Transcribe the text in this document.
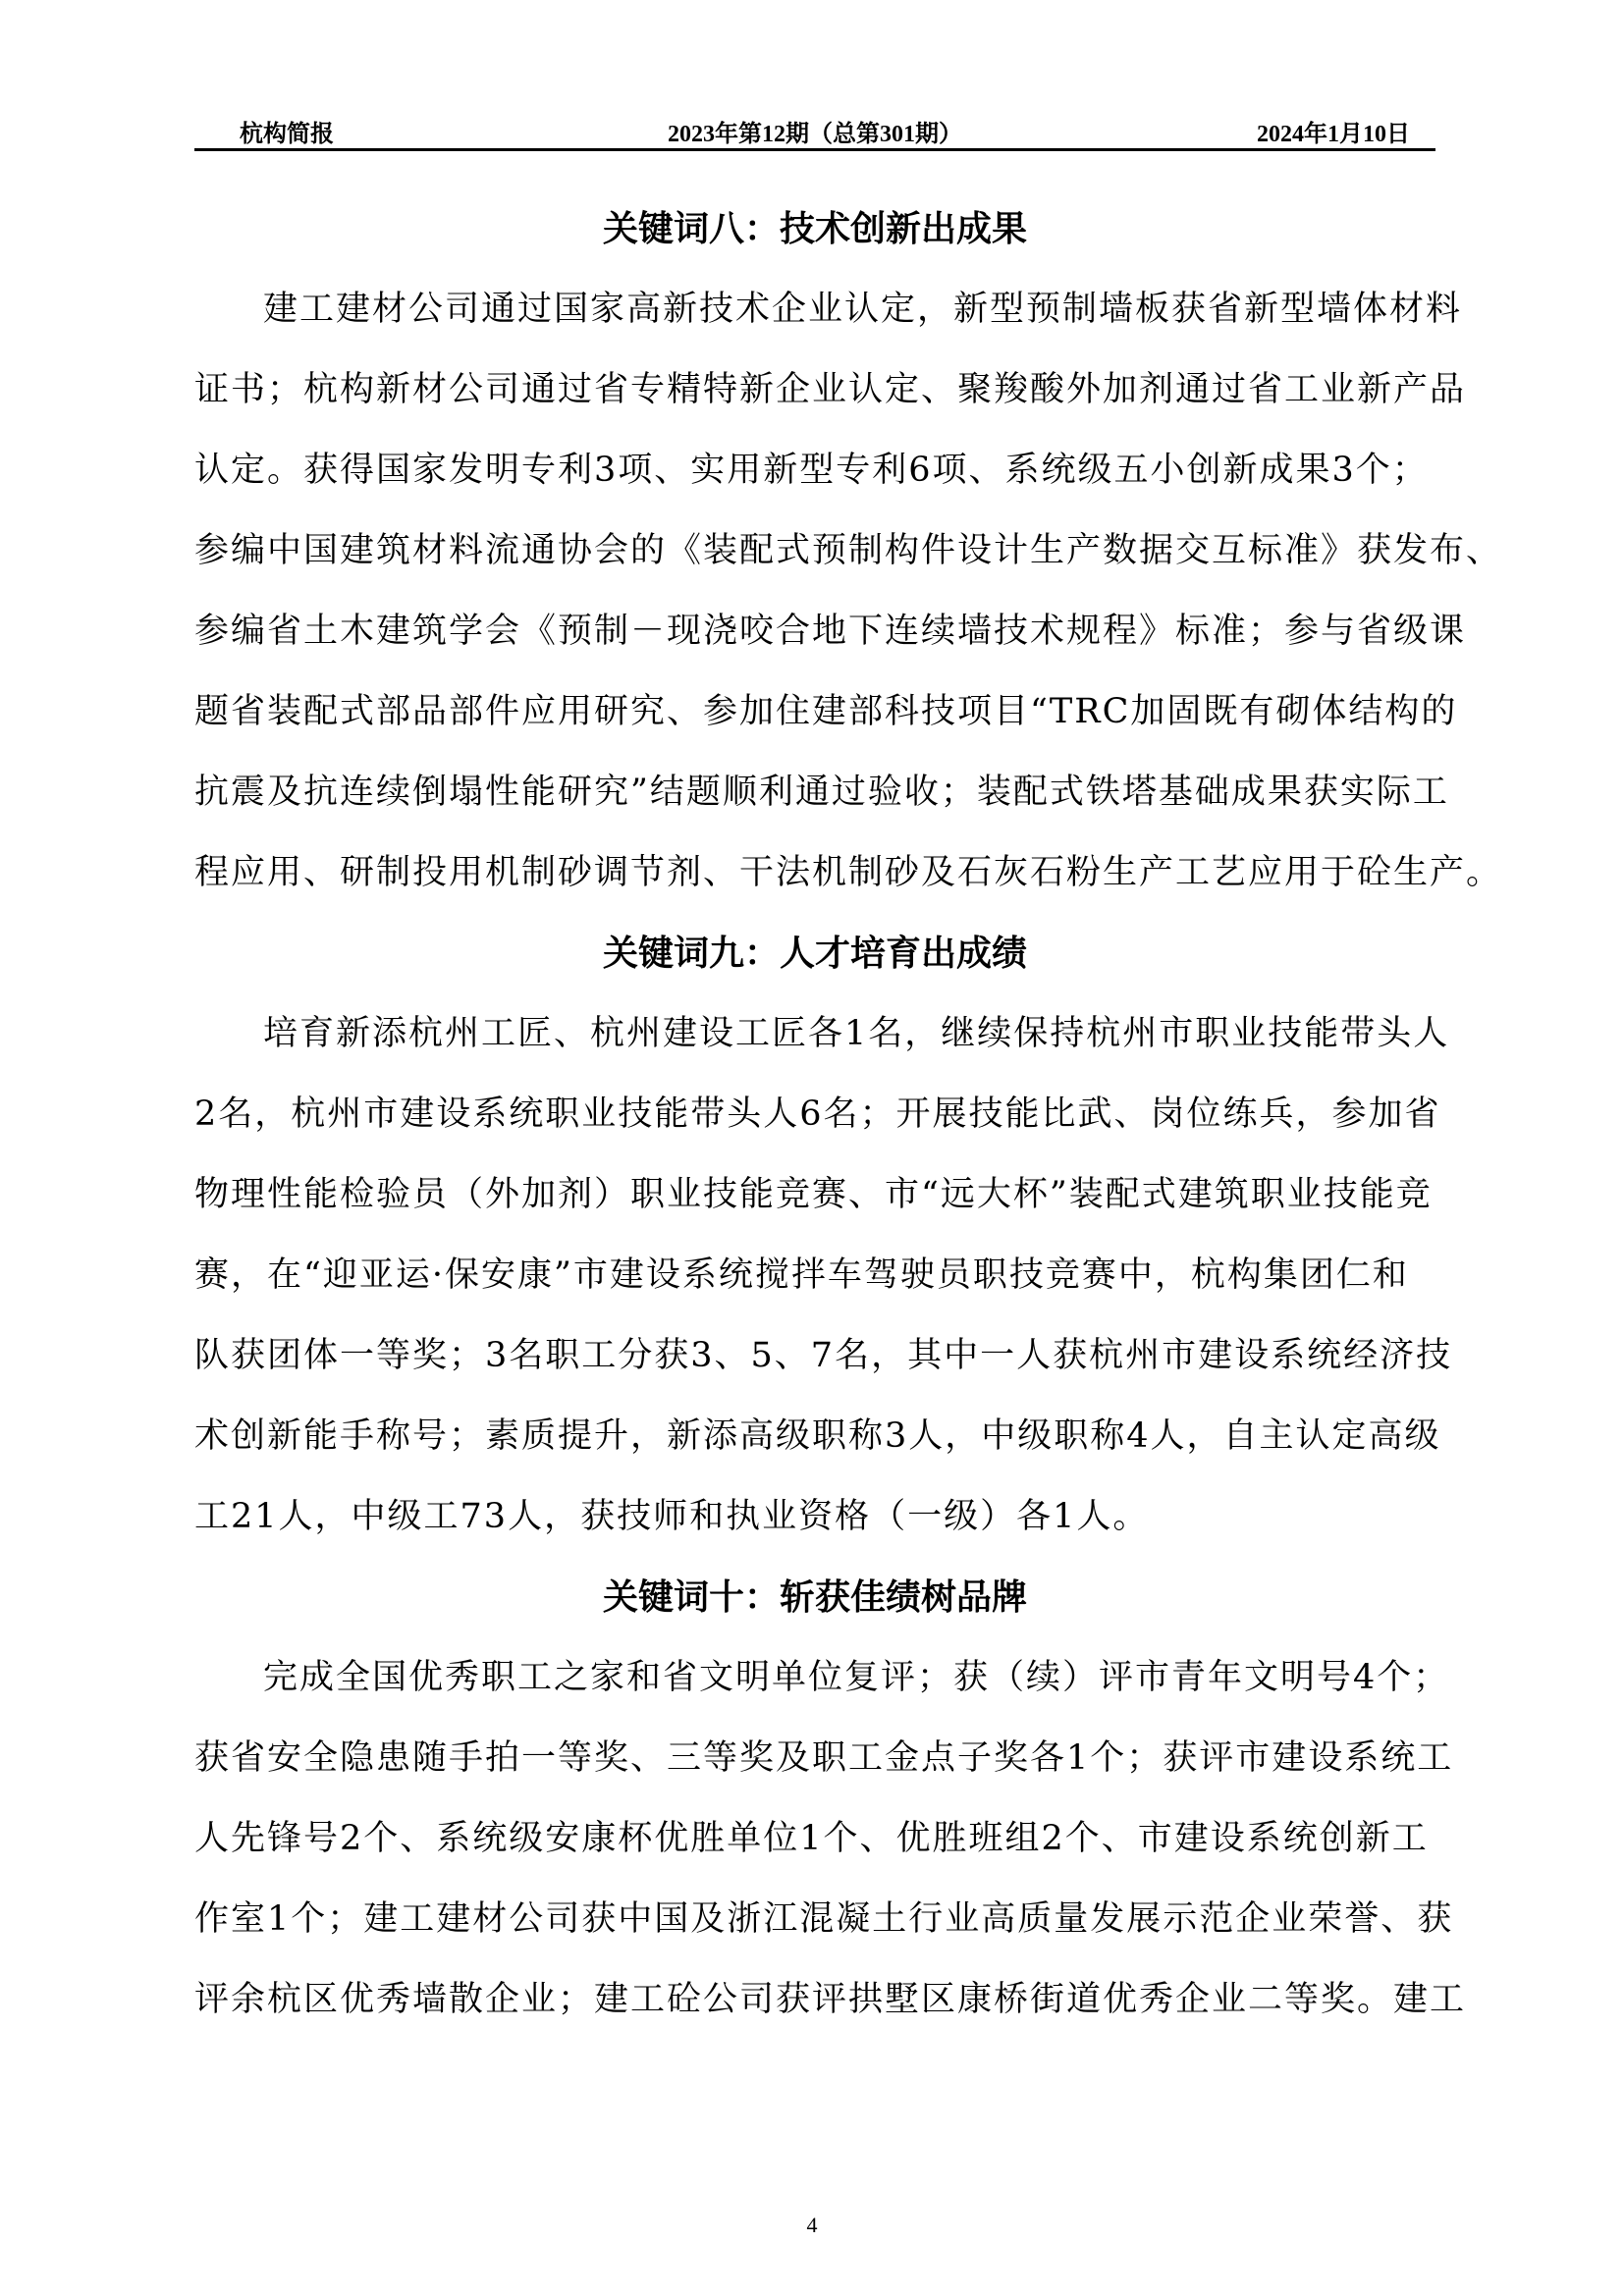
杭构简报	2023年第12期（总第301期）	2024年1月10日
关键词八：技术创新出成果

建工建材公司通过国家高新技术企业认定，新型预制墙板获省新型墙体材料
证书；杭构新材公司通过省专精特新企业认定、聚羧酸外加剂通过省工业新产品
认定。获得国家发明专利3项、实用新型专利6项、系统级五小创新成果3个；
参编中国建筑材料流通协会的《装配式预制构件设计生产数据交互标准》获发布、
参编省土木建筑学会《预制－现浇咬合地下连续墙技术规程》标准；参与省级课
题省装配式部品部件应用研究、参加住建部科技项目“TRC加固既有砌体结构的
抗震及抗连续倒塌性能研究”结题顺利通过验收；装配式铁塔基础成果获实际工
程应用、研制投用机制砂调节剂、干法机制砂及石灰石粉生产工艺应用于砼生产。

关键词九：人才培育出成绩

培育新添杭州工匠、杭州建设工匠各1名，继续保持杭州市职业技能带头人
2名，杭州市建设系统职业技能带头人6名；开展技能比武、岗位练兵，参加省
物理性能检验员（外加剂）职业技能竞赛、市“远大杯”装配式建筑职业技能竞
赛，在“迎亚运·保安康”市建设系统搅拌车驾驶员职技竞赛中，杭构集团仁和
队获团体一等奖；3名职工分获3、5、7名，其中一人获杭州市建设系统经济技
术创新能手称号；素质提升，新添高级职称3人，中级职称4人，自主认定高级
工21人，中级工73人，获技师和执业资格（一级）各1人。

关键词十：斩获佳绩树品牌

完成全国优秀职工之家和省文明单位复评；获（续）评市青年文明号4个；
获省安全隐患随手拍一等奖、三等奖及职工金点子奖各1个；获评市建设系统工
人先锋号2个、系统级安康杯优胜单位1个、优胜班组2个、市建设系统创新工
作室1个；建工建材公司获中国及浙江混凝土行业高质量发展示范企业荣誉、获
评余杭区优秀墙散企业；建工砼公司获评拱墅区康桥街道优秀企业二等奖。建工

4
